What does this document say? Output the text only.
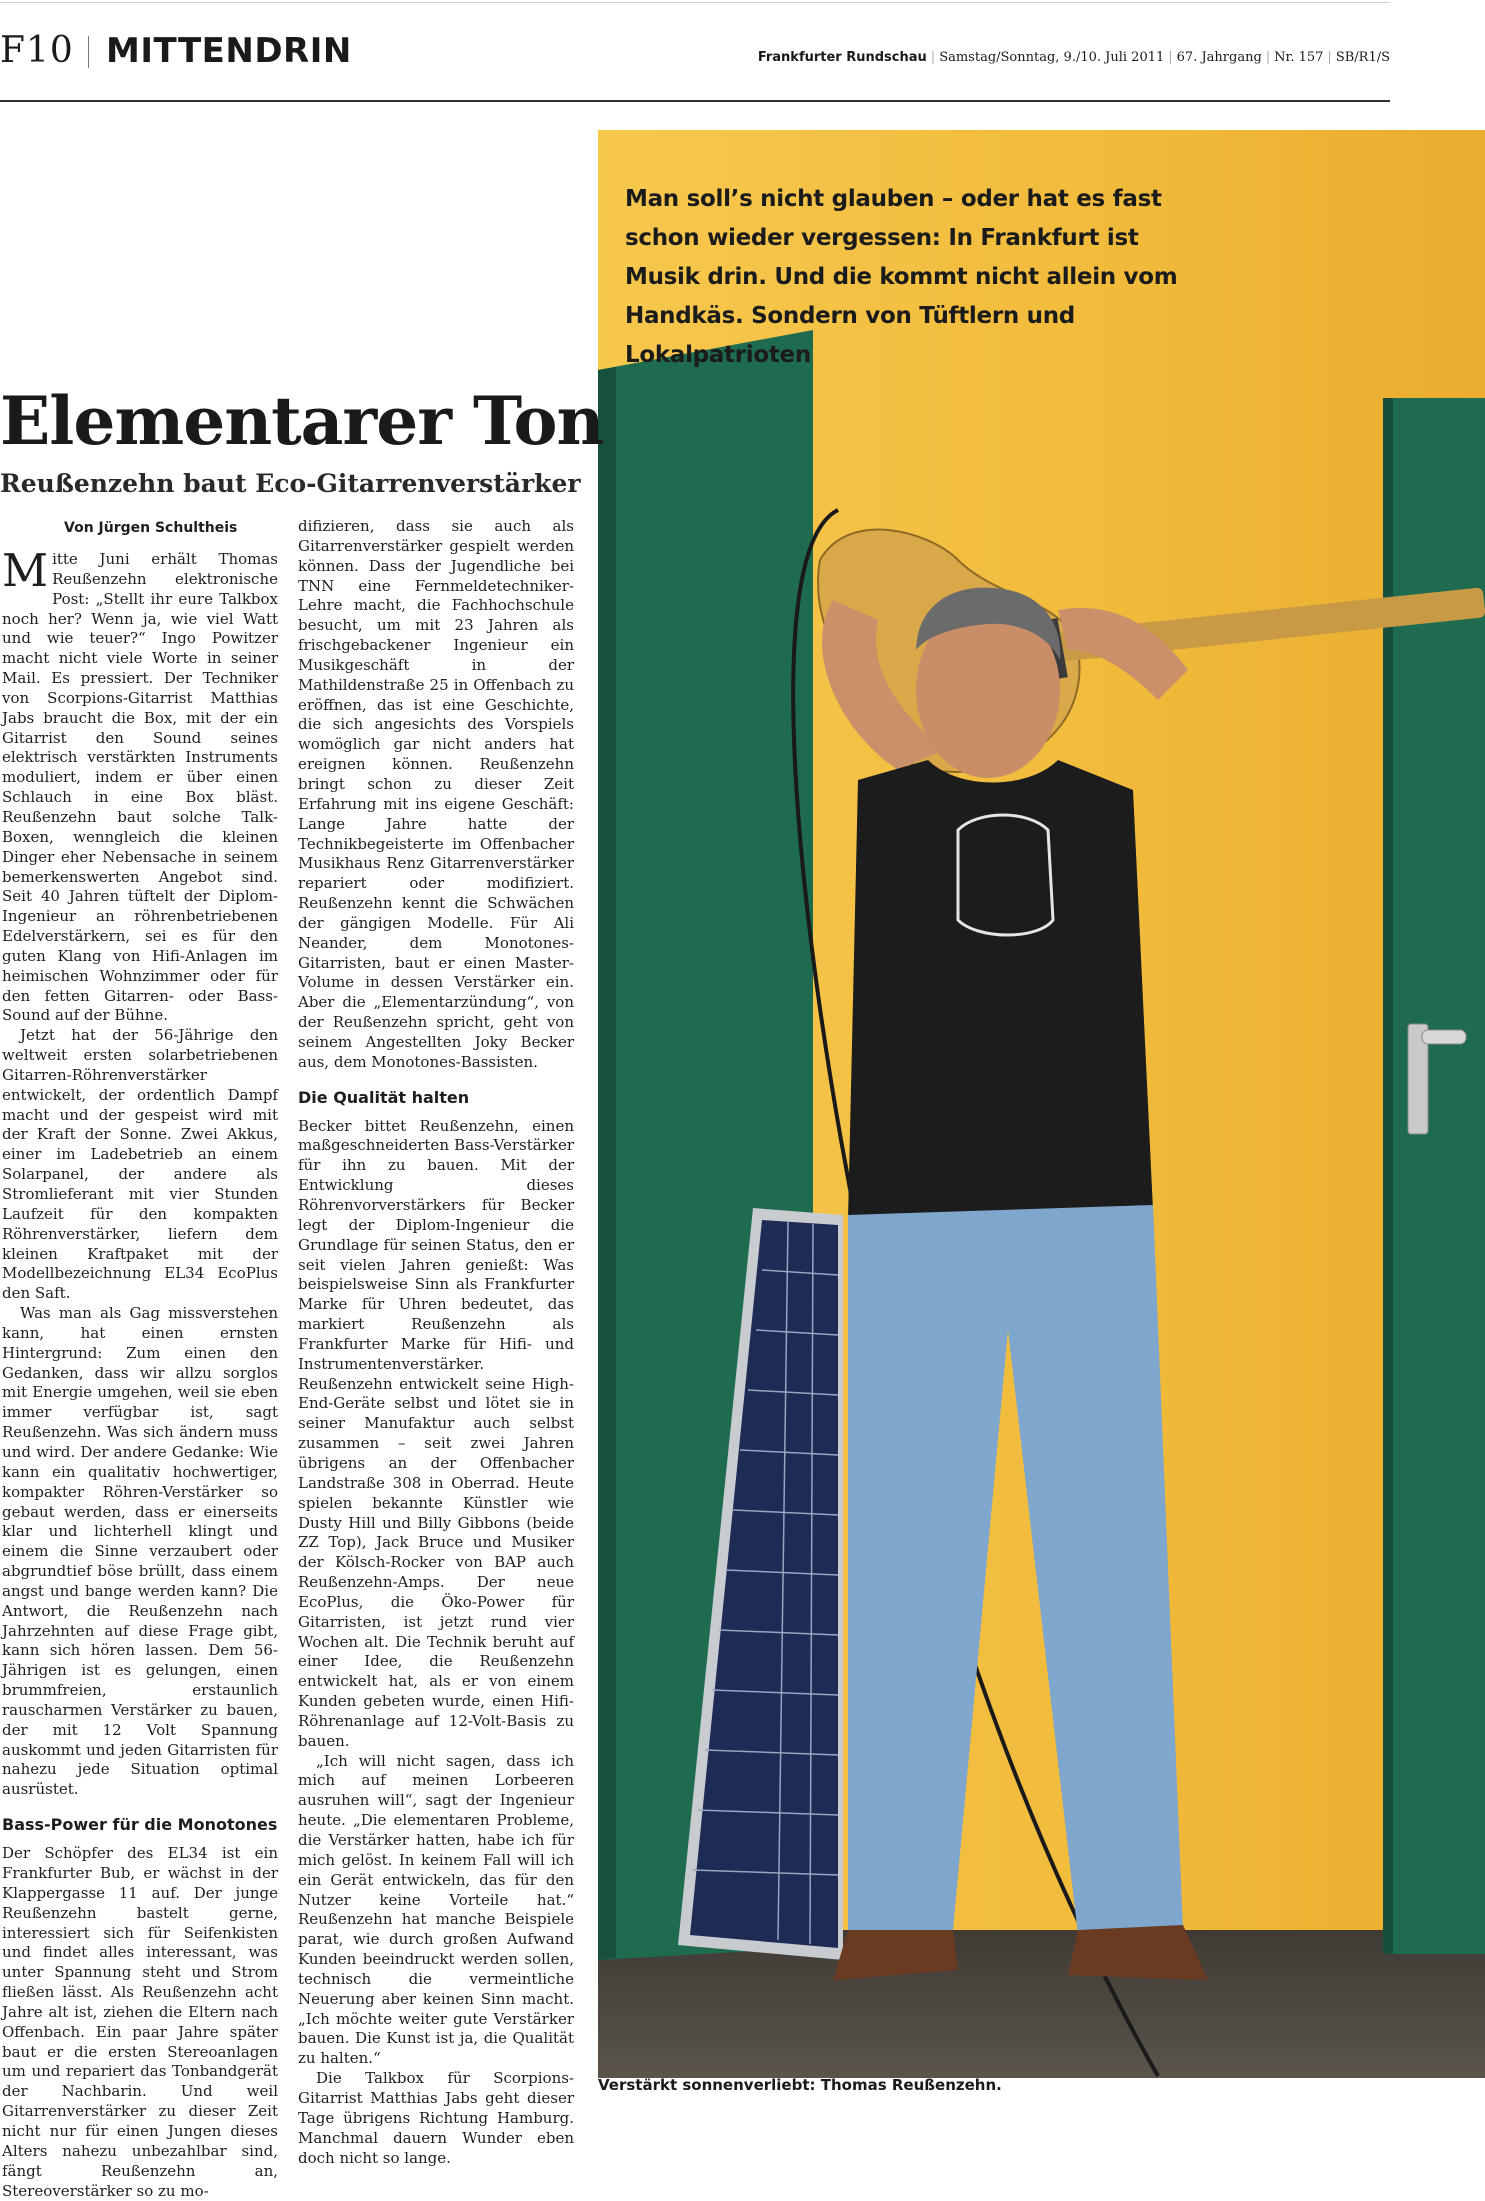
F10 MITTENDRIN	Frankfurter Rundschau | Samstag/Sonntag, 9./10. Juli 2011 | 67. Jahrgang | Nr. 157 | SB/R1/S
Man soll’s nicht glauben – oder hat es fast schon wieder vergessen: In Frankfurt ist Musik drin. Und die kommt nicht allein vom Handkäs. Sondern von Tüftlern und Lokalpatrioten
Verstärkt sonnenverliebt: Thomas Reußenzehn.
Elementarer Ton
Reußenzehn baut Eco-Gitarrenverstärker
Von Jürgen Schultheis

Mitte Juni erhält Thomas Reußenzehn elektronische Post: „Stellt ihr eure Talkbox noch her? Wenn ja, wie viel Watt und wie teuer?“ Ingo Powitzer macht nicht viele Worte in seiner Mail. Es pressiert. Der Techniker von Scorpions-Gitarrist Matthias Jabs braucht die Box, mit der ein Gitarrist den Sound seines elektrisch verstärkten Instruments moduliert, indem er über einen Schlauch in eine Box bläst. Reußenzehn baut solche Talk-Boxen, wenngleich die kleinen Dinger eher Nebensache in seinem bemerkenswerten Angebot sind. Seit 40 Jahren tüftelt der Diplom-Ingenieur an röhrenbetriebenen Edelverstärkern, sei es für den guten Klang von Hifi-Anlagen im heimischen Wohnzimmer oder für den fetten Gitarren- oder Bass-Sound auf der Bühne.

Jetzt hat der 56-Jährige den weltweit ersten solarbetriebenen Gitarren-Röhrenverstärker entwickelt, der ordentlich Dampf macht und der gespeist wird mit der Kraft der Sonne. Zwei Akkus, einer im Ladebetrieb an einem Solarpanel, der andere als Stromlieferant mit vier Stunden Laufzeit für den kompakten Röhrenverstärker, liefern dem kleinen Kraftpaket mit der Modellbezeichnung EL34 EcoPlus den Saft.

Was man als Gag missverstehen kann, hat einen ernsten Hintergrund: Zum einen den Gedanken, dass wir allzu sorglos mit Energie umgehen, weil sie eben immer verfügbar ist, sagt Reußenzehn. Was sich ändern muss und wird. Der andere Gedanke: Wie kann ein qualitativ hochwertiger, kompakter Röhren-Verstärker so gebaut werden, dass er einerseits klar und lichterhell klingt und einem die Sinne verzaubert oder abgrundtief böse brüllt, dass einem angst und bange werden kann? Die Antwort, die Reußenzehn nach Jahrzehnten auf diese Frage gibt, kann sich hören lassen. Dem 56-Jährigen ist es gelungen, einen brummfreien, erstaunlich rauscharmen Verstärker zu bauen, der mit 12 Volt Spannung auskommt und jeden Gitarristen für nahezu jede Situation optimal ausrüstet.

Bass-Power für die Monotones

Der Schöpfer des EL34 ist ein Frankfurter Bub, er wächst in der Klappergasse 11 auf. Der junge Reußenzehn bastelt gerne, interessiert sich für Seifenkisten und findet alles interessant, was unter Spannung steht und Strom fließen lässt. Als Reußenzehn acht Jahre alt ist, ziehen die Eltern nach Offenbach. Ein paar Jahre später baut er die ersten Stereoanlagen um und repariert das Tonbandgerät der Nachbarin. Und weil Gitarrenverstärker zu dieser Zeit nicht nur für einen Jungen dieses Alters nahezu unbezahlbar sind, fängt Reußenzehn an, Stereoverstärker so zu mo-

difizieren, dass sie auch als Gitarrenverstärker gespielt werden können. Dass der Jugendliche bei TNN eine Fernmeldetechniker-Lehre macht, die Fachhochschule besucht, um mit 23 Jahren als frischgebackener Ingenieur ein Musikgeschäft in der Mathildenstraße 25 in Offenbach zu eröffnen, das ist eine Geschichte, die sich angesichts des Vorspiels womöglich gar nicht anders hat ereignen können. Reußenzehn bringt schon zu dieser Zeit Erfahrung mit ins eigene Geschäft: Lange Jahre hatte der Technikbegeisterte im Offenbacher Musikhaus Renz Gitarrenverstärker repariert oder modifiziert. Reußenzehn kennt die Schwächen der gängigen Modelle. Für Ali Neander, dem Monotones-Gitarristen, baut er einen Master-Volume in dessen Verstärker ein. Aber die „Elementarzündung“, von der Reußenzehn spricht, geht von seinem Angestellten Joky Becker aus, dem Monotones-Bassisten.

Die Qualität halten

Becker bittet Reußenzehn, einen maßgeschneiderten Bass-Verstärker für ihn zu bauen. Mit der Entwicklung dieses Röhrenvorverstärkers für Becker legt der Diplom-Ingenieur die Grundlage für seinen Status, den er seit vielen Jahren genießt: Was beispielsweise Sinn als Frankfurter Marke für Uhren bedeutet, das markiert Reußenzehn als Frankfurter Marke für Hifi- und Instrumentenverstärker. Reußenzehn entwickelt seine High-End-Geräte selbst und lötet sie in seiner Manufaktur auch selbst zusammen – seit zwei Jahren übrigens an der Offenbacher Landstraße 308 in Oberrad. Heute spielen bekannte Künstler wie Dusty Hill und Billy Gibbons (beide ZZ Top), Jack Bruce und Musiker der Kölsch-Rocker von BAP auch Reußenzehn-Amps. Der neue EcoPlus, die Öko-Power für Gitarristen, ist jetzt rund vier Wochen alt. Die Technik beruht auf einer Idee, die Reußenzehn entwickelt hat, als er von einem Kunden gebeten wurde, einen Hifi-Röhrenanlage auf 12-Volt-Basis zu bauen.

„Ich will nicht sagen, dass ich mich auf meinen Lorbeeren ausruhen will“, sagt der Ingenieur heute. „Die elementaren Probleme, die Verstärker hatten, habe ich für mich gelöst. In keinem Fall will ich ein Gerät entwickeln, das für den Nutzer keine Vorteile hat.“ Reußenzehn hat manche Beispiele parat, wie durch großen Aufwand Kunden beeindruckt werden sollen, technisch die vermeintliche Neuerung aber keinen Sinn macht. „Ich möchte weiter gute Verstärker bauen. Die Kunst ist ja, die Qualität zu halten.“

Die Talkbox für Scorpions-Gitarrist Matthias Jabs geht dieser Tage übrigens Richtung Hamburg. Manchmal dauern Wunder eben doch nicht so lange.
